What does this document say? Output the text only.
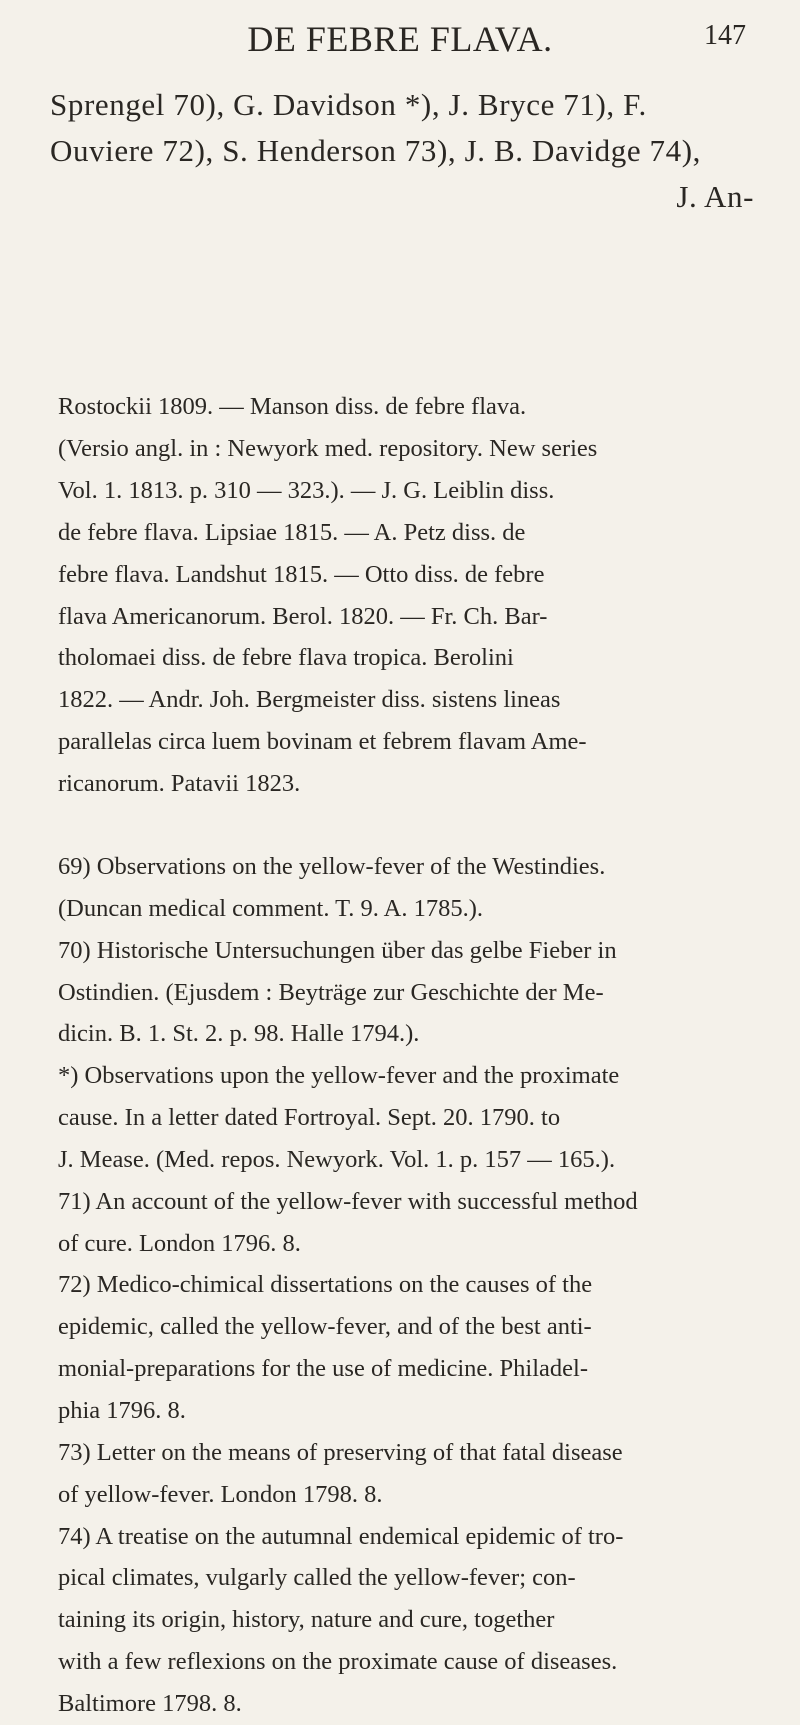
DE FEBRE FLAVA.	147
Sprengel 70), G. Davidson *), J. Bryce 71), F.
Ouviere 72), S. Henderson 73), J. B. Davidge 74),
J. An-
Rostockii 1809. — Manson diss. de febre flava.
(Versio angl. in : Newyork med. repository. New series
Vol. 1. 1813. p. 310 — 323.). — J. G. Leiblin diss.
de febre flava. Lipsiae 1815. — A. Petz diss. de
febre flava. Landshut 1815. — Otto diss. de febre
flava Americanorum. Berol. 1820. — Fr. Ch. Bar-
tholomaei diss. de febre flava tropica. Berolini
1822. — Andr. Joh. Bergmeister diss. sistens lineas
parallelas circa luem bovinam et febrem flavam Ame-
ricanorum. Patavii 1823.
69) Observations on the yellow-fever of the Westindies.
(Duncan medical comment. T. 9. A. 1785.).
70) Historische Untersuchungen über das gelbe Fieber in
Ostindien. (Ejusdem : Beyträge zur Geschichte der Me-
dicin. B. 1. St. 2. p. 98. Halle 1794.).
*) Observations upon the yellow-fever and the proximate
cause. In a letter dated Fortroyal. Sept. 20. 1790. to
J. Mease. (Med. repos. Newyork. Vol. 1. p. 157 — 165.).
71) An account of the yellow-fever with successful method
of cure. London 1796. 8.
72) Medico-chimical dissertations on the causes of the
epidemic, called the yellow-fever, and of the best anti-
monial-preparations for the use of medicine. Philadel-
phia 1796. 8.
73) Letter on the means of preserving of that fatal disease
of yellow-fever. London 1798. 8.
74) A treatise on the autumnal endemical epidemic of tro-
pical climates, vulgarly called the yellow-fever; con-
taining its origin, history, nature and cure, together
with a few reflexions on the proximate cause of diseases.
Baltimore 1798. 8.
